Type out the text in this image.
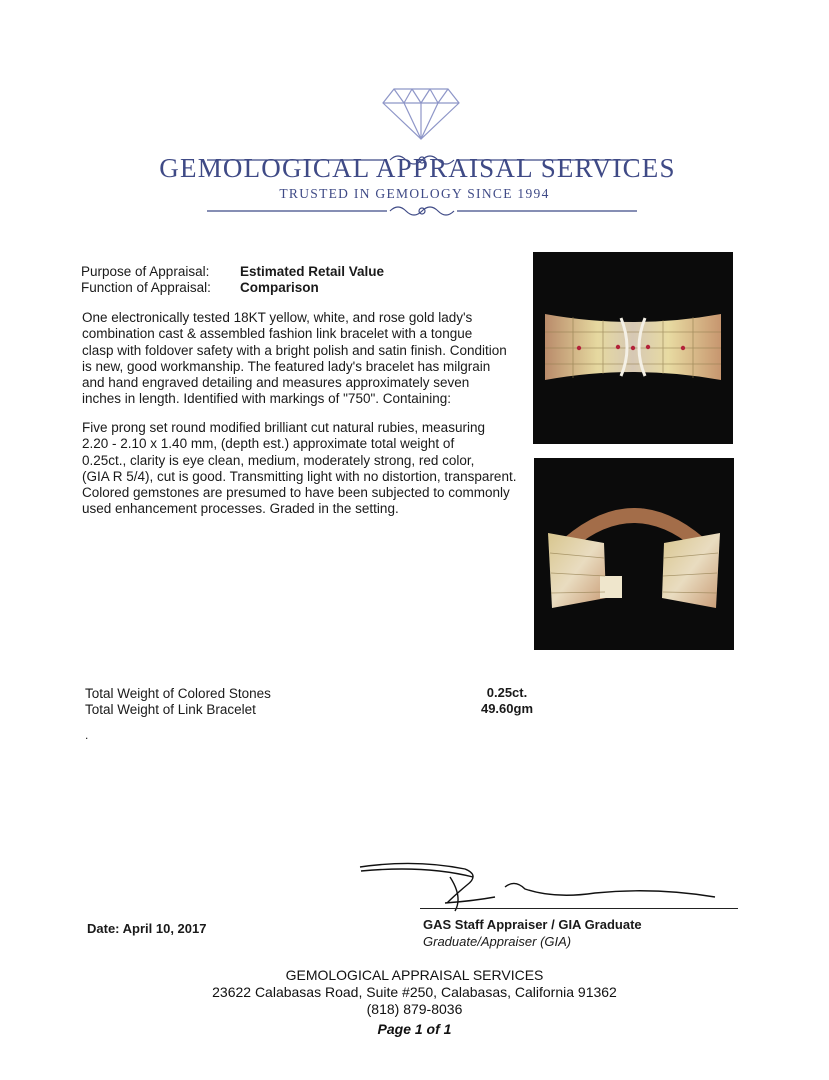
GEMOLOGICAL APPRAISAL SERVICES
TRUSTED IN GEMOLOGY SINCE 1994
Purpose of Appraisal: Estimated Retail Value
Function of Appraisal: Comparison
One electronically tested 18KT yellow, white, and rose gold lady's
combination cast & assembled fashion link bracelet with a tongue
clasp with foldover safety with a bright polish and satin finish. Condition
is new, good workmanship. The featured lady's bracelet has milgrain
and hand engraved detailing and measures approximately seven
inches in length. Identified with markings of "750". Containing:
Five prong set round modified brilliant cut natural rubies, measuring
2.20 - 2.10 x 1.40 mm, (depth est.) approximate total weight of
0.25ct., clarity is eye clean, medium, moderately strong, red color,
(GIA R 5/4), cut is good. Transmitting light with no distortion, transparent.
Colored gemstones are presumed to have been subjected to commonly
used enhancement processes. Graded in the setting.
Total Weight of Colored Stones	0.25ct.
Total Weight of Link Bracelet	49.60gm
.
Date: April 10, 2017	GAS Staff Appraiser / GIA Graduate
Graduate/Appraiser (GIA)
GEMOLOGICAL APPRAISAL SERVICES
23622 Calabasas Road, Suite #250, Calabasas, California 91362
(818) 879-8036
Page 1 of 1
